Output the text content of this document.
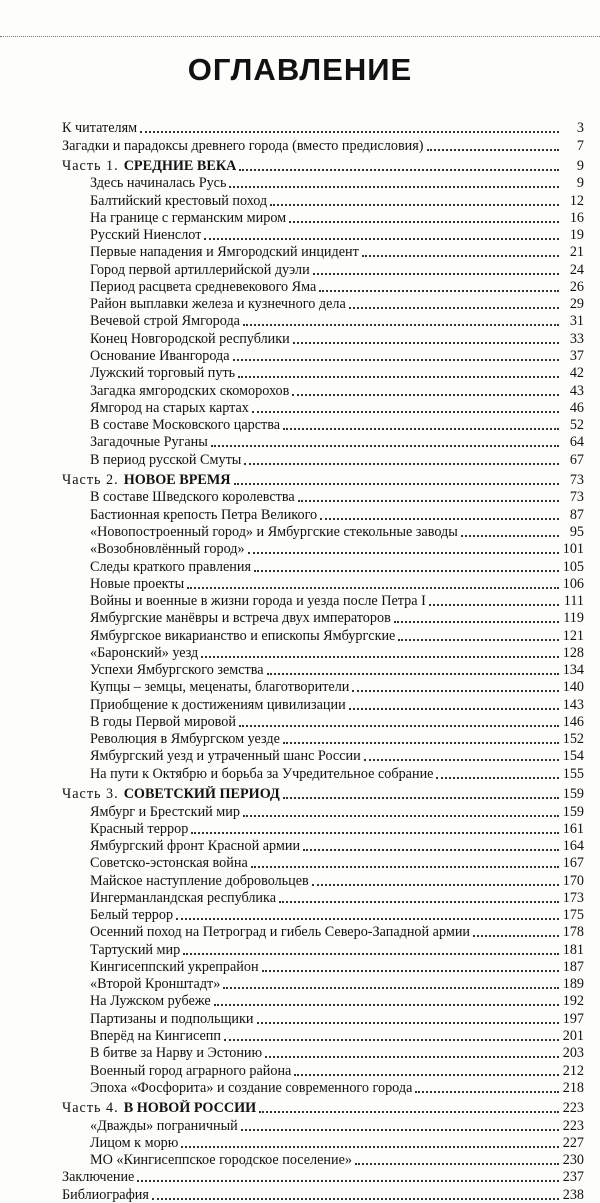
ОГЛАВЛЕНИЕ
К читателям	3
Загадки и парадоксы древнего города (вместо предисловия)	7
Часть 1. СРЕДНИЕ ВЕКА	9
Здесь начиналась Русь	9
Балтийский крестовый поход	12
На границе с германским миром	16
Русский Ниенслот	19
Первые нападения и Ямгородский инцидент	21
Город первой артиллерийской дуэли	24
Период расцвета средневекового Яма	26
Район выплавки железа и кузнечного дела	29
Вечевой строй Ямгорода	31
Конец Новгородской республики	33
Основание Ивангорода	37
Лужский торговый путь	42
Загадка ямгородских скоморохов	43
Ямгород на старых картах	46
В составе Московского царства	52
Загадочные Руганы	64
В период русской Смуты	67
Часть 2. НОВОЕ ВРЕМЯ	73
В составе Шведского королевства	73
Бастионная крепость Петра Великого	87
«Новопостроенный город» и Ямбургские стекольные заводы	95
«Возобновлённый город»	101
Следы краткого правления	105
Новые проекты	106
Войны и военные в жизни города и уезда после Петра I	111
Ямбургские манёвры и встреча двух императоров	119
Ямбургское викарианство и епископы Ямбургские	121
«Баронский» уезд	128
Успехи Ямбургского земства	134
Купцы – земцы, меценаты, благотворители	140
Приобщение к достижениям цивилизации	143
В годы Первой мировой	146
Революция в Ямбургском уезде	152
Ямбургский уезд и утраченный шанс России	154
На пути к Октябрю и борьба за Учредительное собрание	155
Часть 3. СОВЕТСКИЙ ПЕРИОД	159
Ямбург и Брестский мир	159
Красный террор	161
Ямбургский фронт Красной армии	164
Советско-эстонская война	167
Майское наступление добровольцев	170
Ингерманландская республика	173
Белый террор	175
Осенний поход на Петроград и гибель Северо-Западной армии	178
Тартуский мир	181
Кингисеппский укрепрайон	187
«Второй Кронштадт»	189
На Лужском рубеже	192
Партизаны и подпольщики	197
Вперёд на Кингисепп	201
В битве за Нарву и Эстонию	203
Военный город аграрного района	212
Эпоха «Фосфорита» и создание современного города	218
Часть 4. В НОВОЙ РОССИИ	223
«Дважды» пограничный	223
Лицом к морю	227
МО «Кингисеппское городское поселение»	230
Заключение	237
Библиография	238
